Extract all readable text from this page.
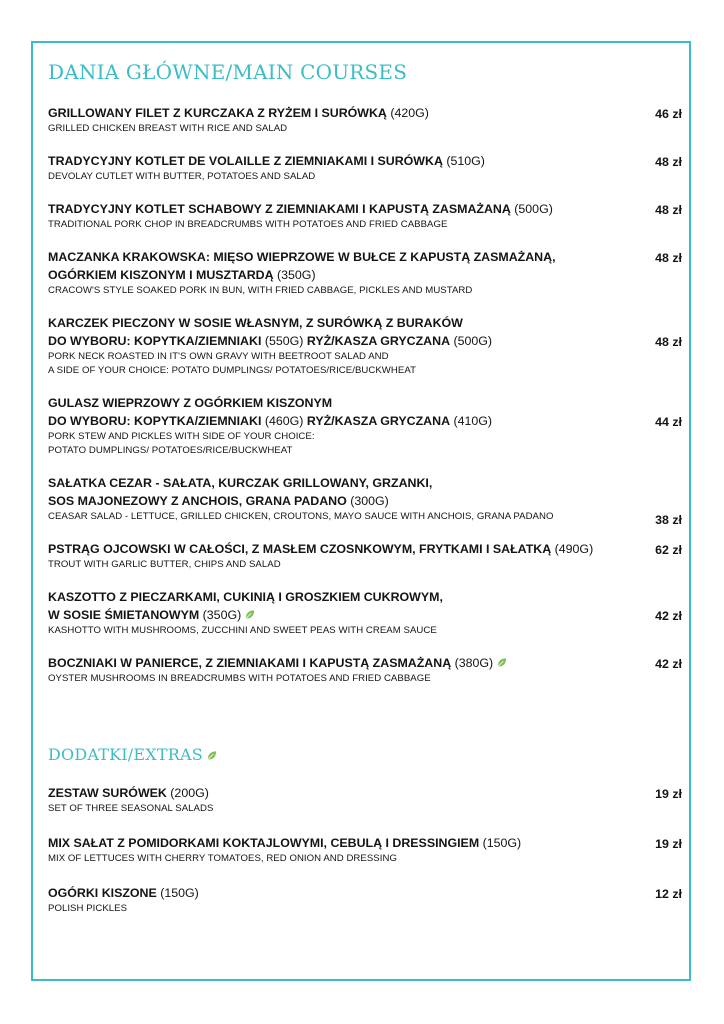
DANIA GŁÓWNE/MAIN COURSES
GRILLOWANY FILET Z KURCZAKA Z RYŻEM I SURÓWKĄ (420G)
GRILLED CHICKEN BREAST WITH RICE AND SALAD
46 zł
TRADYCYJNY KOTLET DE VOLAILLE Z ZIEMNIAKAMI I SURÓWKĄ (510G)
DEVOLAY CUTLET WITH BUTTER, POTATOES AND SALAD
48 zł
TRADYCYJNY KOTLET SCHABOWY Z ZIEMNIAKAMI I KAPUSTĄ ZASMAŻANĄ (500G)
TRADITIONAL PORK CHOP IN BREADCRUMBS WITH POTATOES AND FRIED CABBAGE
48 zł
MACZANKA KRAKOWSKA: MIĘSO WIEPRZOWE W BUŁCE Z KAPUSTĄ ZASMAŻANĄ,
OGÓRKIEM KISZONYM I MUSZTARDĄ (350G)
CRACOW'S STYLE SOAKED PORK IN BUN, WITH FRIED CABBAGE, PICKLES AND MUSTARD
48 zł
KARCZEK PIECZONY W SOSIE WŁASNYM, Z SURÓWKĄ Z BURAKÓW
DO WYBORU: KOPYTKA/ZIEMNIAKI (550G) RYŻ/KASZA GRYCZANA (500G)
PORK NECK ROASTED IN IT'S OWN GRAVY WITH BEETROOT SALAD AND
A SIDE OF YOUR CHOICE: POTATO DUMPLINGS/ POTATOES/RICE/BUCKWHEAT
48 zł
GULASZ WIEPRZOWY Z OGÓRKIEM KISZONYM
DO WYBORU: KOPYTKA/ZIEMNIAKI (460G) RYŻ/KASZA GRYCZANA (410G)
PORK STEW AND PICKLES WITH SIDE OF YOUR CHOICE:
POTATO DUMPLINGS/ POTATOES/RICE/BUCKWHEAT
44 zł
SAŁATKA CEZAR - SAŁATA, KURCZAK GRILLOWANY, GRZANKI,
SOS MAJONEZOWY Z ANCHOIS, GRANA PADANO (300G)
CEASAR SALAD - LETTUCE, GRILLED CHICKEN, CROUTONS, MAYO SAUCE WITH ANCHOIS, GRANA PADANO	38 zł
PSTRĄG OJCOWSKI W CAŁOŚCI, Z MASŁEM CZOSNKOWYM, FRYTKAMI I SAŁATKĄ (490G)
TROUT WITH GARLIC BUTTER, CHIPS AND SALAD
62 zł
KASZOTTO Z PIECZARKAMI, CUKINIĄ I GROSZKIEM CUKROWYM,
W SOSIE ŚMIETANOWYM (350G)
KASHOTTO WITH MUSHROOMS, ZUCCHINI AND SWEET PEAS WITH CREAM SAUCE
42 zł
BOCZNIAKI W PANIERCE, Z ZIEMNIAKAMI I KAPUSTĄ ZASMAŻANĄ (380G)
OYSTER MUSHROOMS IN BREADCRUMBS WITH POTATOES AND FRIED CABBAGE
42 zł
DODATKI/EXTRAS
ZESTAW SURÓWEK (200G)
SET OF THREE SEASONAL SALADS
19 zł
MIX SAŁAT Z POMIDORKAMI KOKTAJLOWYMI, CEBULĄ I DRESSINGIEM (150G)
MIX OF LETTUCES WITH CHERRY TOMATOES, RED ONION AND DRESSING
19 zł
OGÓRKI KISZONE (150G)
POLISH PICKLES
12 zł
